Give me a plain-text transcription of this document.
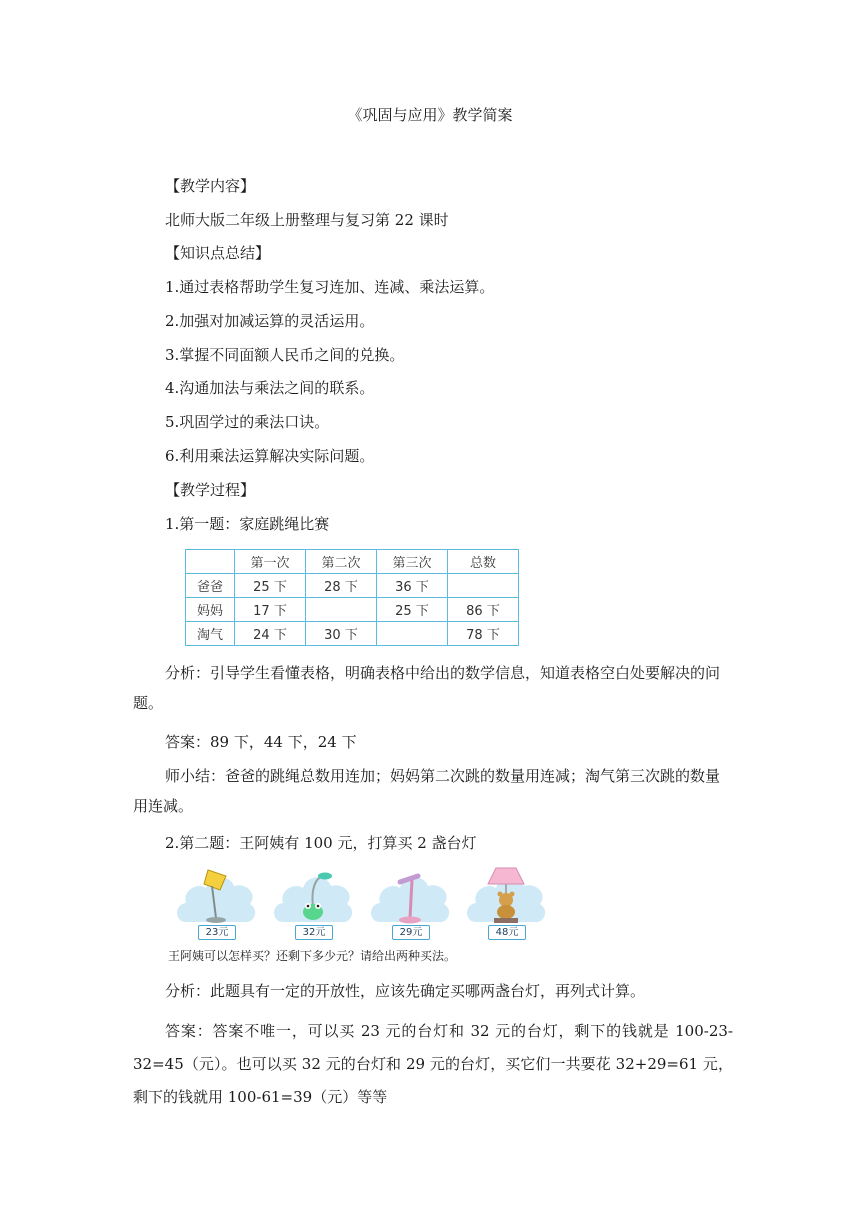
《巩固与应用》教学简案
【教学内容】
北师大版二年级上册整理与复习第 22 课时
【知识点总结】
1.通过表格帮助学生复习连加、连减、乘法运算。
2.加强对加减运算的灵活运用。
3.掌握不同面额人民币之间的兑换。
4.沟通加法与乘法之间的联系。
5.巩固学过的乘法口诀。
6.利用乘法运算解决实际问题。
【教学过程】
1.第一题：家庭跳绳比赛
	第一次	第二次	第三次	总数
爸爸	25 下	28 下	36 下	
妈妈	17 下		25 下	86 下
淘气	24 下	30 下		78 下
分析：引导学生看懂表格，明确表格中给出的数学信息，知道表格空白处要解决的问题。
答案：89 下，44 下，24 下
师小结：爸爸的跳绳总数用连加；妈妈第二次跳的数量用连减；淘气第三次跳的数量用连减。
2.第二题：王阿姨有 100 元，打算买 2 盏台灯
23元	32元	29元	48元
王阿姨可以怎样买？还剩下多少元？请给出两种买法。
分析：此题具有一定的开放性，应该先确定买哪两盏台灯，再列式计算。
答案：答案不唯一，可以买 23 元的台灯和 32 元的台灯，剩下的钱就是 100-23-32=45（元）。也可以买 32 元的台灯和 29 元的台灯，买它们一共要花 32+29=61 元，剩下的钱就用 100-61=39（元）等等
